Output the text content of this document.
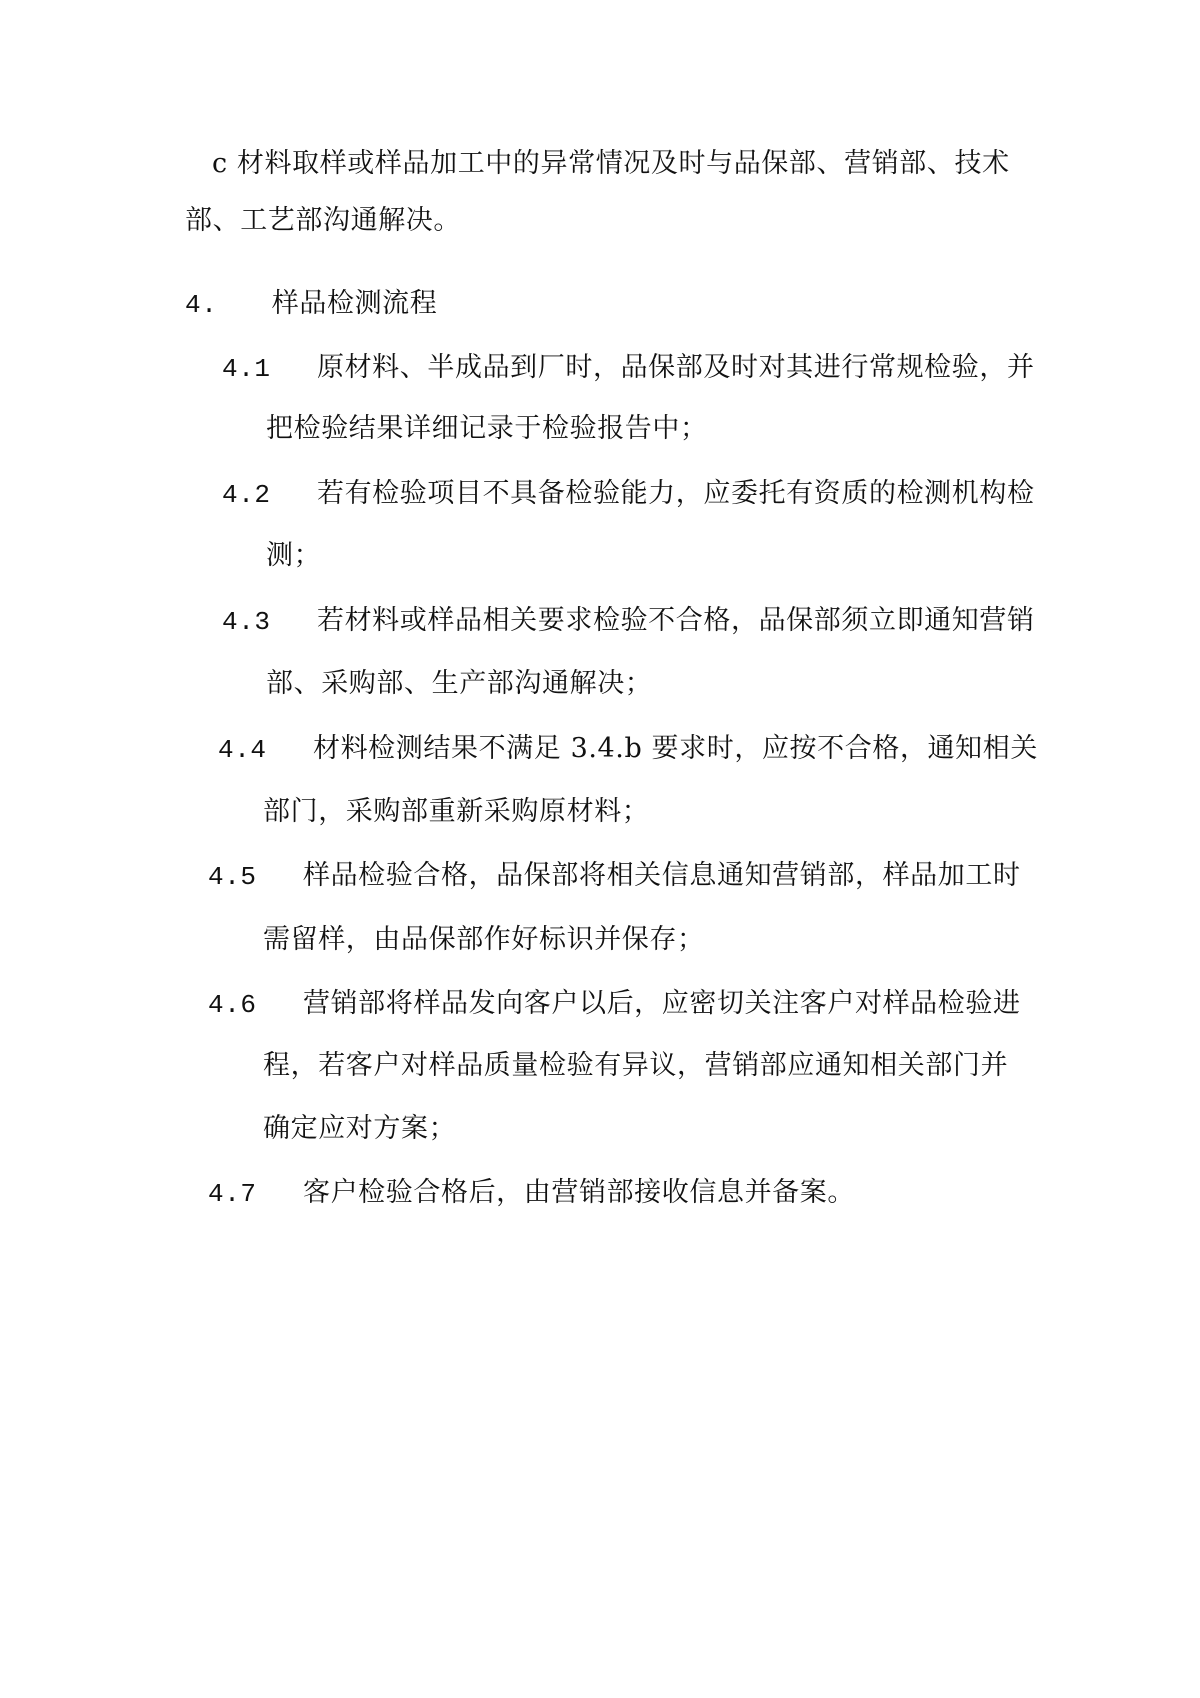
c 材料取样或样品加工中的异常情况及时与品保部、营销部、技术
部、工艺部沟通解决。
4. 样品检测流程
4.1 原材料、半成品到厂时，品保部及时对其进行常规检验，并
把检验结果详细记录于检验报告中；
4.2 若有检验项目不具备检验能力，应委托有资质的检测机构检
测；
4.3 若材料或样品相关要求检验不合格，品保部须立即通知营销
部、采购部、生产部沟通解决；
4.4 材料检测结果不满足 3.4.b 要求时，应按不合格，通知相关
部门，采购部重新采购原材料；
4.5 样品检验合格，品保部将相关信息通知营销部，样品加工时
需留样，由品保部作好标识并保存；
4.6 营销部将样品发向客户以后，应密切关注客户对样品检验进
程，若客户对样品质量检验有异议，营销部应通知相关部门并
确定应对方案；
4.7 客户检验合格后，由营销部接收信息并备案。
